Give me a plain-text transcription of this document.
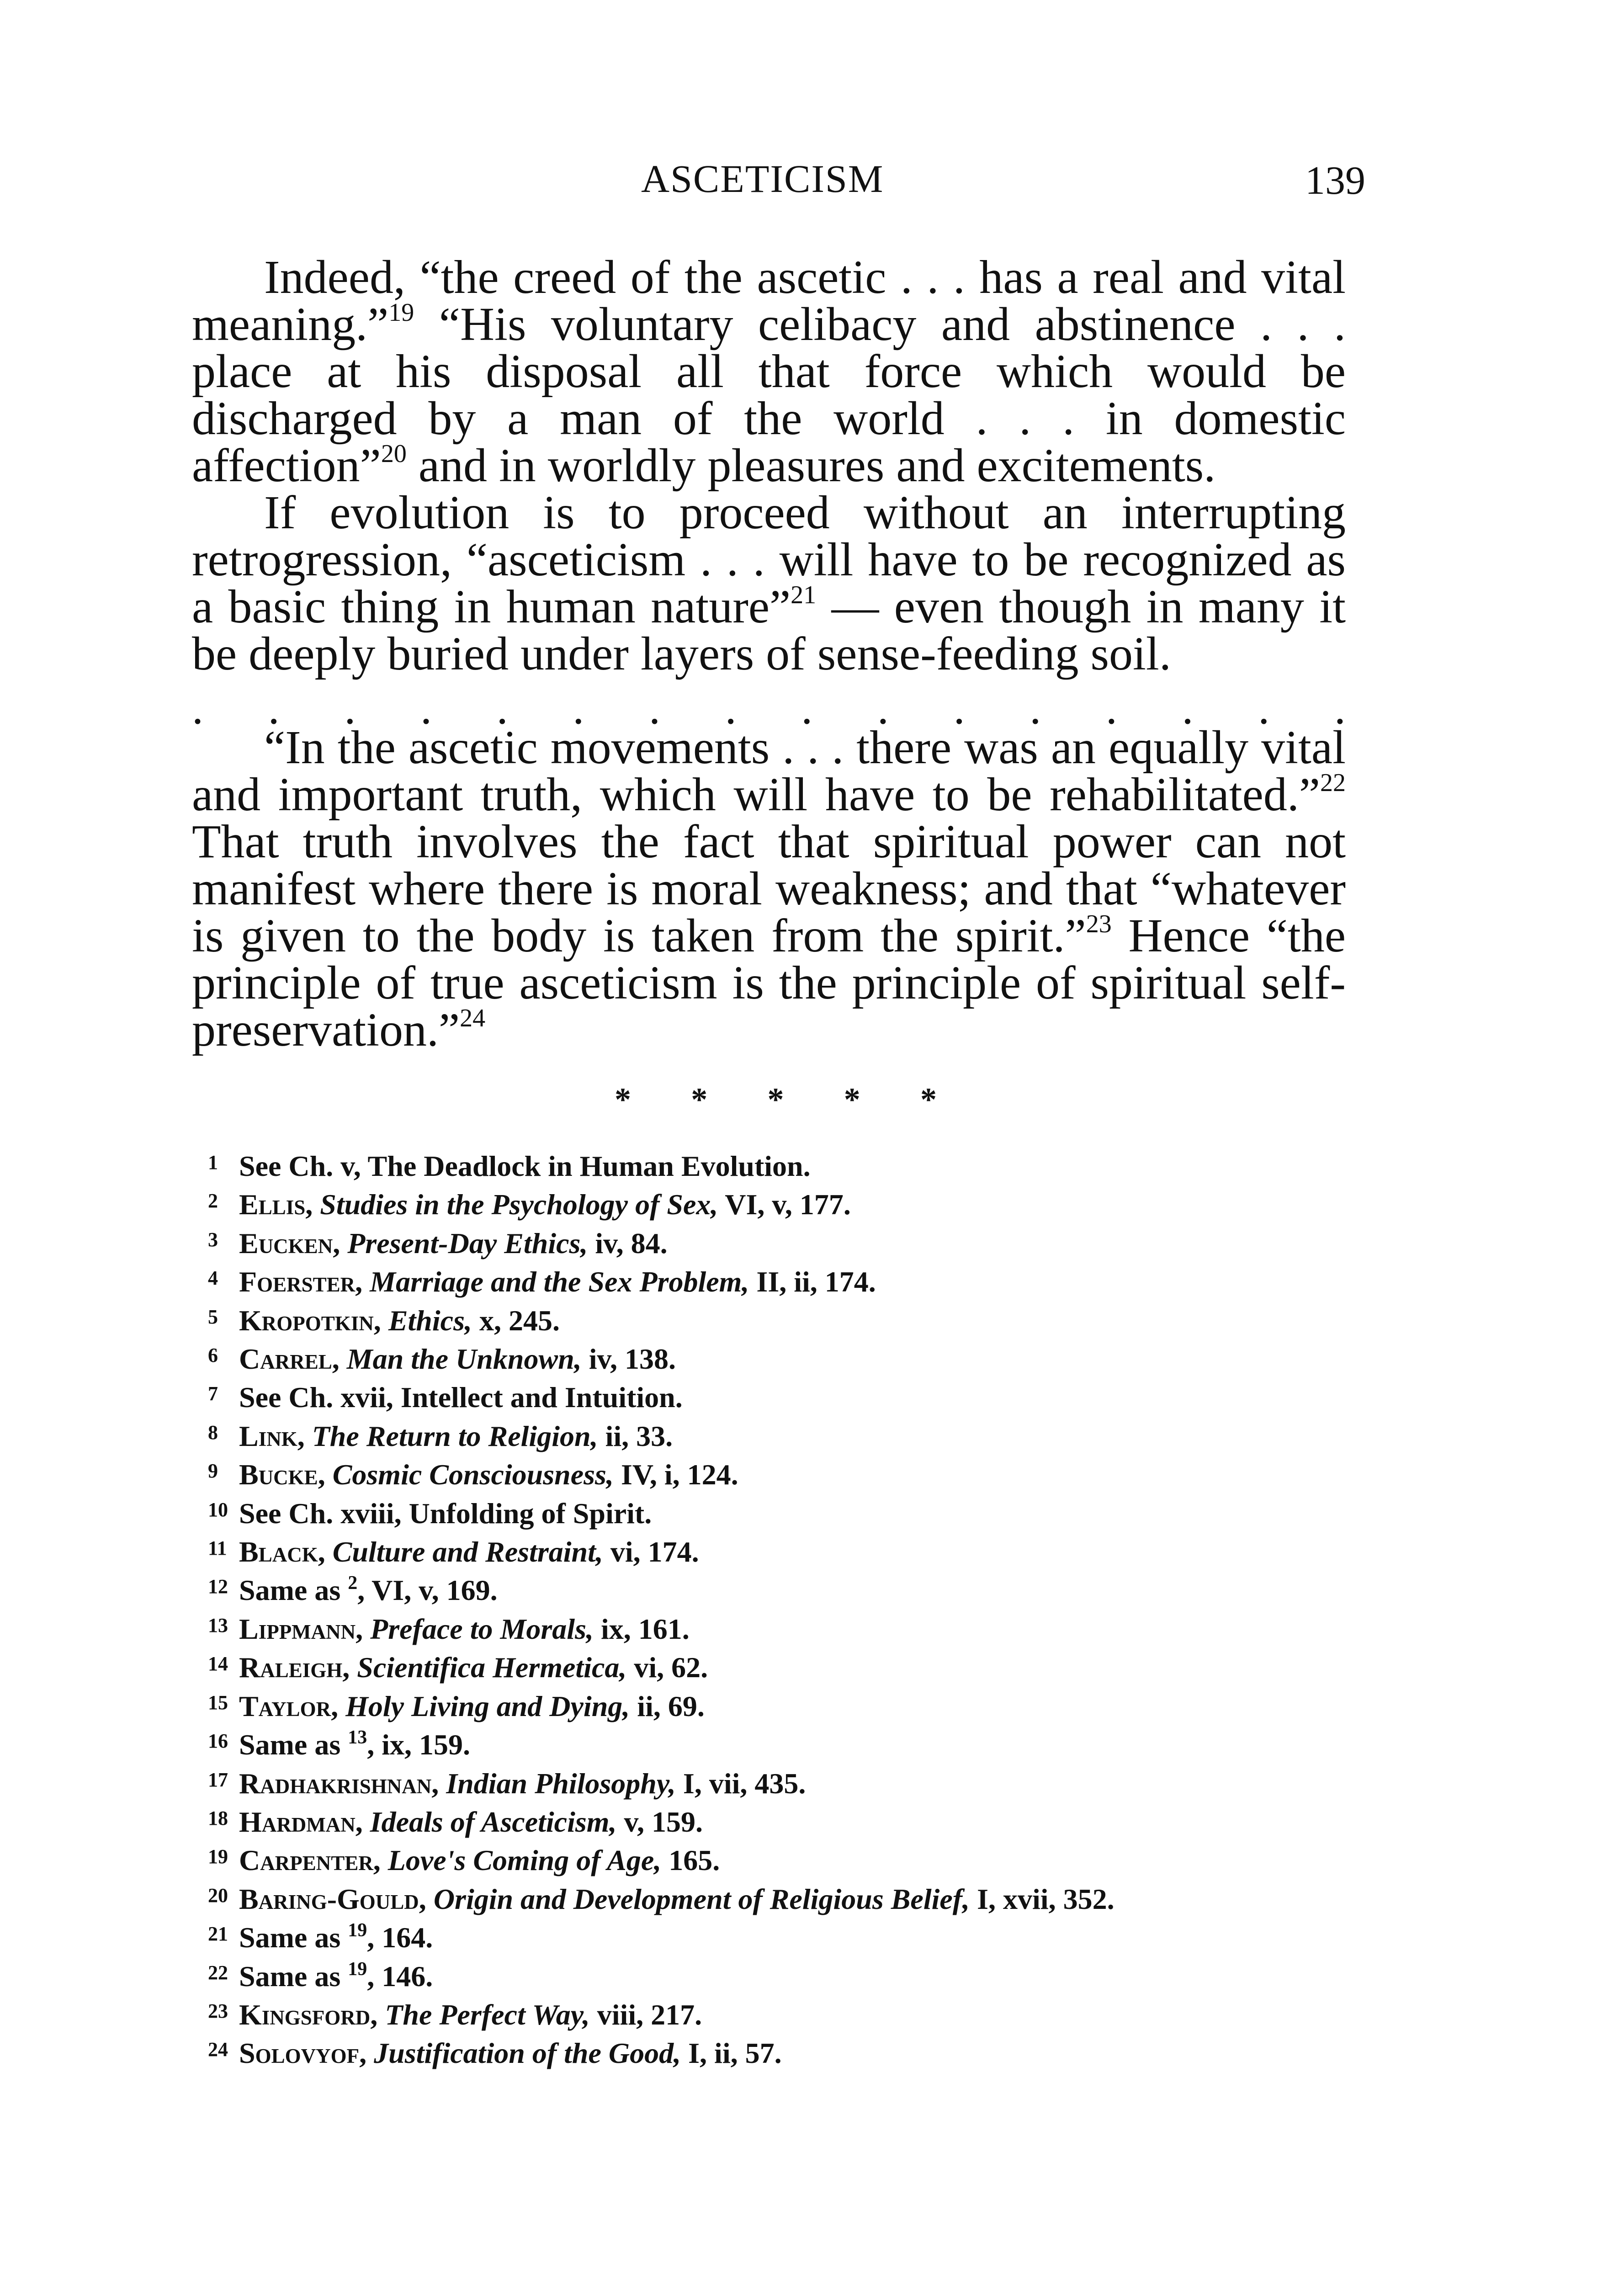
ASCETICISM	139

Indeed, “the creed of the ascetic . . . has a real and vital meaning.”$^{19}$ “His voluntary celibacy and abstinence . . . place at his disposal all that force which would be discharged by a man of the world . . . in domestic affection”$^{20}$ and in worldly pleasures and excitements.

If evolution is to proceed without an interrupting retrogression, “asceticism . . . will have to be recognized as a basic thing in human nature”$^{21}$ — even though in many it be deeply buried under layers of sense-feeding soil.

. . . . . . . . . . . . . . . .

“In the ascetic movements . . . there was an equally vital and important truth, which will have to be rehabilitated.”$^{22}$ That truth involves the fact that spiritual power can not manifest where there is moral weakness; and that “whatever is given to the body is taken from the spirit.”$^{23}$ Hence “the principle of true asceticism is the principle of spiritual self-preservation.”$^{24}$

* * * * *
1 See Ch. v, The Deadlock in Human Evolution.
2 Ellis, Studies in the Psychology of Sex, VI, v, 177.
3 Eucken, Present-Day Ethics, iv, 84.
4 Foerster, Marriage and the Sex Problem, II, ii, 174.
5 Kropotkin, Ethics, x, 245.
6 Carrel, Man the Unknown, iv, 138.
7 See Ch. xvii, Intellect and Intuition.
8 Link, The Return to Religion, ii, 33.
9 Bucke, Cosmic Consciousness, IV, i, 124.
10 See Ch. xviii, Unfolding of Spirit.
11 Black, Culture and Restraint, vi, 174.
12 Same as $^2$, VI, v, 169.
13 Lippmann, Preface to Morals, ix, 161.
14 Raleigh, Scientifica Hermetica, vi, 62.
15 Taylor, Holy Living and Dying, ii, 69.
16 Same as $^{13}$, ix, 159.
17 Radhakrishnan, Indian Philosophy, I, vii, 435.
18 Hardman, Ideals of Asceticism, v, 159.
19 Carpenter, Love's Coming of Age, 165.
20 Baring-Gould, Origin and Development of Religious Belief, I, xvii, 352.
21 Same as $^{19}$, 164.
22 Same as $^{19}$, 146.
23 Kingsford, The Perfect Way, viii, 217.
24 Solovyof, Justification of the Good, I, ii, 57.
